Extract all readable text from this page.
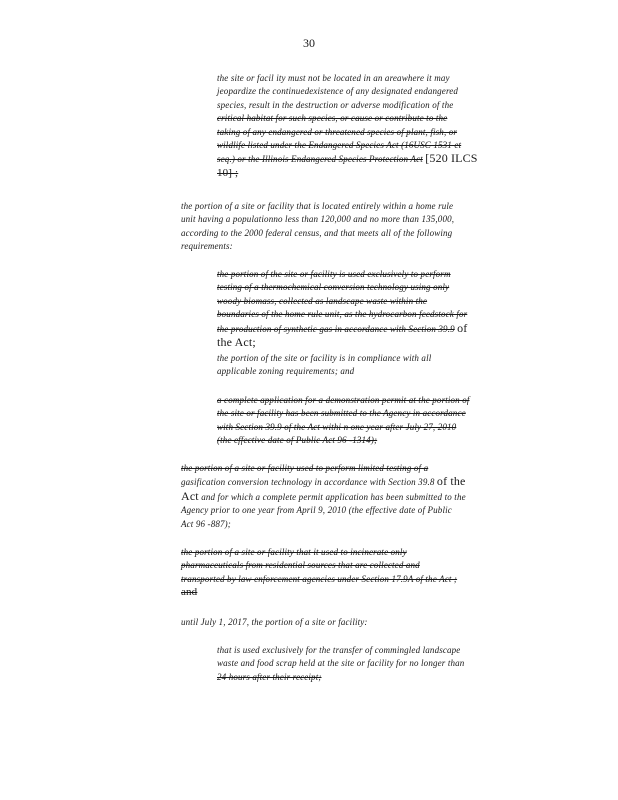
30
the site or facil ity must not be located in an areawhere it may
jeopardize the continuedexistence of any designated endangered
species, result in the destruction or adverse modification of the
critical habitat for such species, or cause or contribute to the
taking of any endangered or threatened species of plant, fish, or
wildlife listed under the Endangered Species Act (16USC 1531 et
seq.) or the Illinois Endangered Species Protection Act [520 ILCS
10] ;
the portion of a site or facility that is located entirely within a home rule
unit having a populationno less than 120,000 and no more than 135,000,
according to the 2000 federal census, and that meets all of the following
requirements:
the portion of the site or facility is used exclusively to perform
testing of a thermochemical conversion technology using only
woody biomass, collected as landscape waste within the
boundaries of the home rule unit, as the hydrocarbon feedstock for
the production of synthetic gas in accordance with Section 39.9 of
the Act;
the portion of the site or facility is in compliance with all
applicable zoning requirements; and
a complete application for a demonstration permit at the portion of
the site or facility has been submitted to the Agency in accordance
with Section 39.9 of the Act withi n one year after July 27, 2010
(the effective date of Public Act 96 -1314);
the portion of a site or facility used to perform limited testing of a
gasification conversion technology in accordance with Section 39.8 of the
Act and for which a complete permit application has been submitted to the
Agency prior to one year from April 9, 2010 (the effective date of Public
Act 96 -887);
the portion of a site or facility that it used to incinerate only
pharmaceuticals from residential sources that are collected and
transported by law enforcement agencies under Section 17.9A of the Act ;
and
until July 1, 2017, the portion of a site or facility:
that is used exclusively for the transfer of commingled landscape
waste and food scrap held at the site or facility for no longer than
24 hours after their receipt;
